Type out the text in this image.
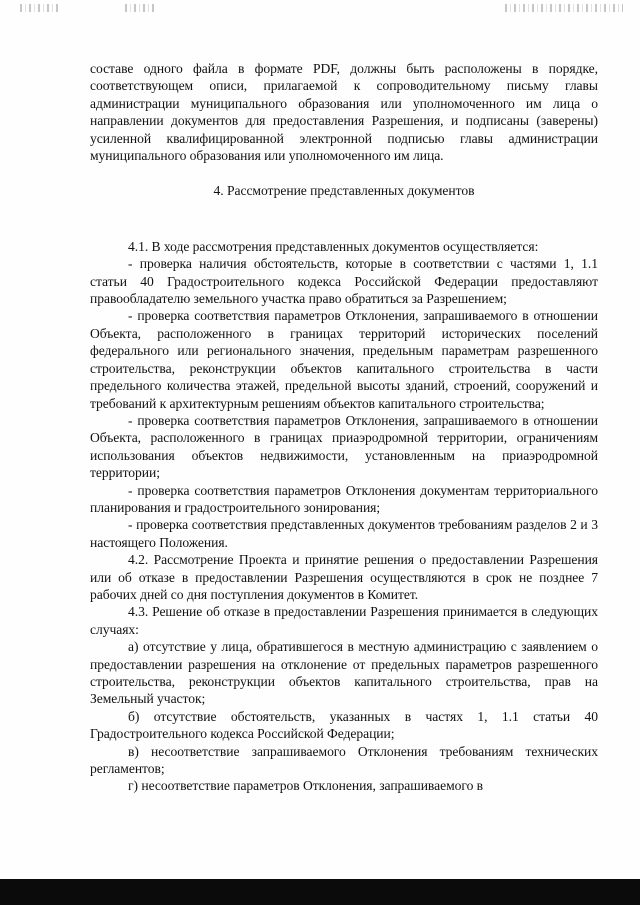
составе одного файла в формате PDF, должны быть расположены в порядке, соответствующем описи, прилагаемой к сопроводительному письму главы администрации муниципального образования или уполномоченного им лица о направлении документов для предоставления Разрешения, и подписаны (заверены) усиленной квалифицированной электронной подписью главы администрации муниципального образования или уполномоченного им лица.

4. Рассмотрение представленных документов

4.1. В ходе рассмотрения представленных документов осуществляется:

- проверка наличия обстоятельств, которые в соответствии с частями 1, 1.1 статьи 40 Градостроительного кодекса Российской Федерации предоставляют правообладателю земельного участка право обратиться за Разрешением;

- проверка соответствия параметров Отклонения, запрашиваемого в отношении Объекта, расположенного в границах территорий исторических поселений федерального или регионального значения, предельным параметрам разрешенного строительства, реконструкции объектов капитального строительства в части предельного количества этажей, предельной высоты зданий, строений, сооружений и требований к архитектурным решениям объектов капитального строительства;

- проверка соответствия параметров Отклонения, запрашиваемого в отношении Объекта, расположенного в границах приаэродромной территории, ограничениям использования объектов недвижимости, установленным на приаэродромной территории;

- проверка соответствия параметров Отклонения документам территориального планирования и градостроительного зонирования;

- проверка соответствия представленных документов требованиям разделов 2 и 3 настоящего Положения.

4.2. Рассмотрение Проекта и принятие решения о предоставлении Разрешения или об отказе в предоставлении Разрешения осуществляются в срок не позднее 7 рабочих дней со дня поступления документов в Комитет.

4.3. Решение об отказе в предоставлении Разрешения принимается в следующих случаях:

а) отсутствие у лица, обратившегося в местную администрацию с заявлением о предоставлении разрешения на отклонение от предельных параметров разрешенного строительства, реконструкции объектов капитального строительства, прав на Земельный участок;

б) отсутствие обстоятельств, указанных в частях 1, 1.1 статьи 40 Градостроительного кодекса Российской Федерации;

в) несоответствие запрашиваемого Отклонения требованиям технических регламентов;

г) несоответствие параметров Отклонения, запрашиваемого в
